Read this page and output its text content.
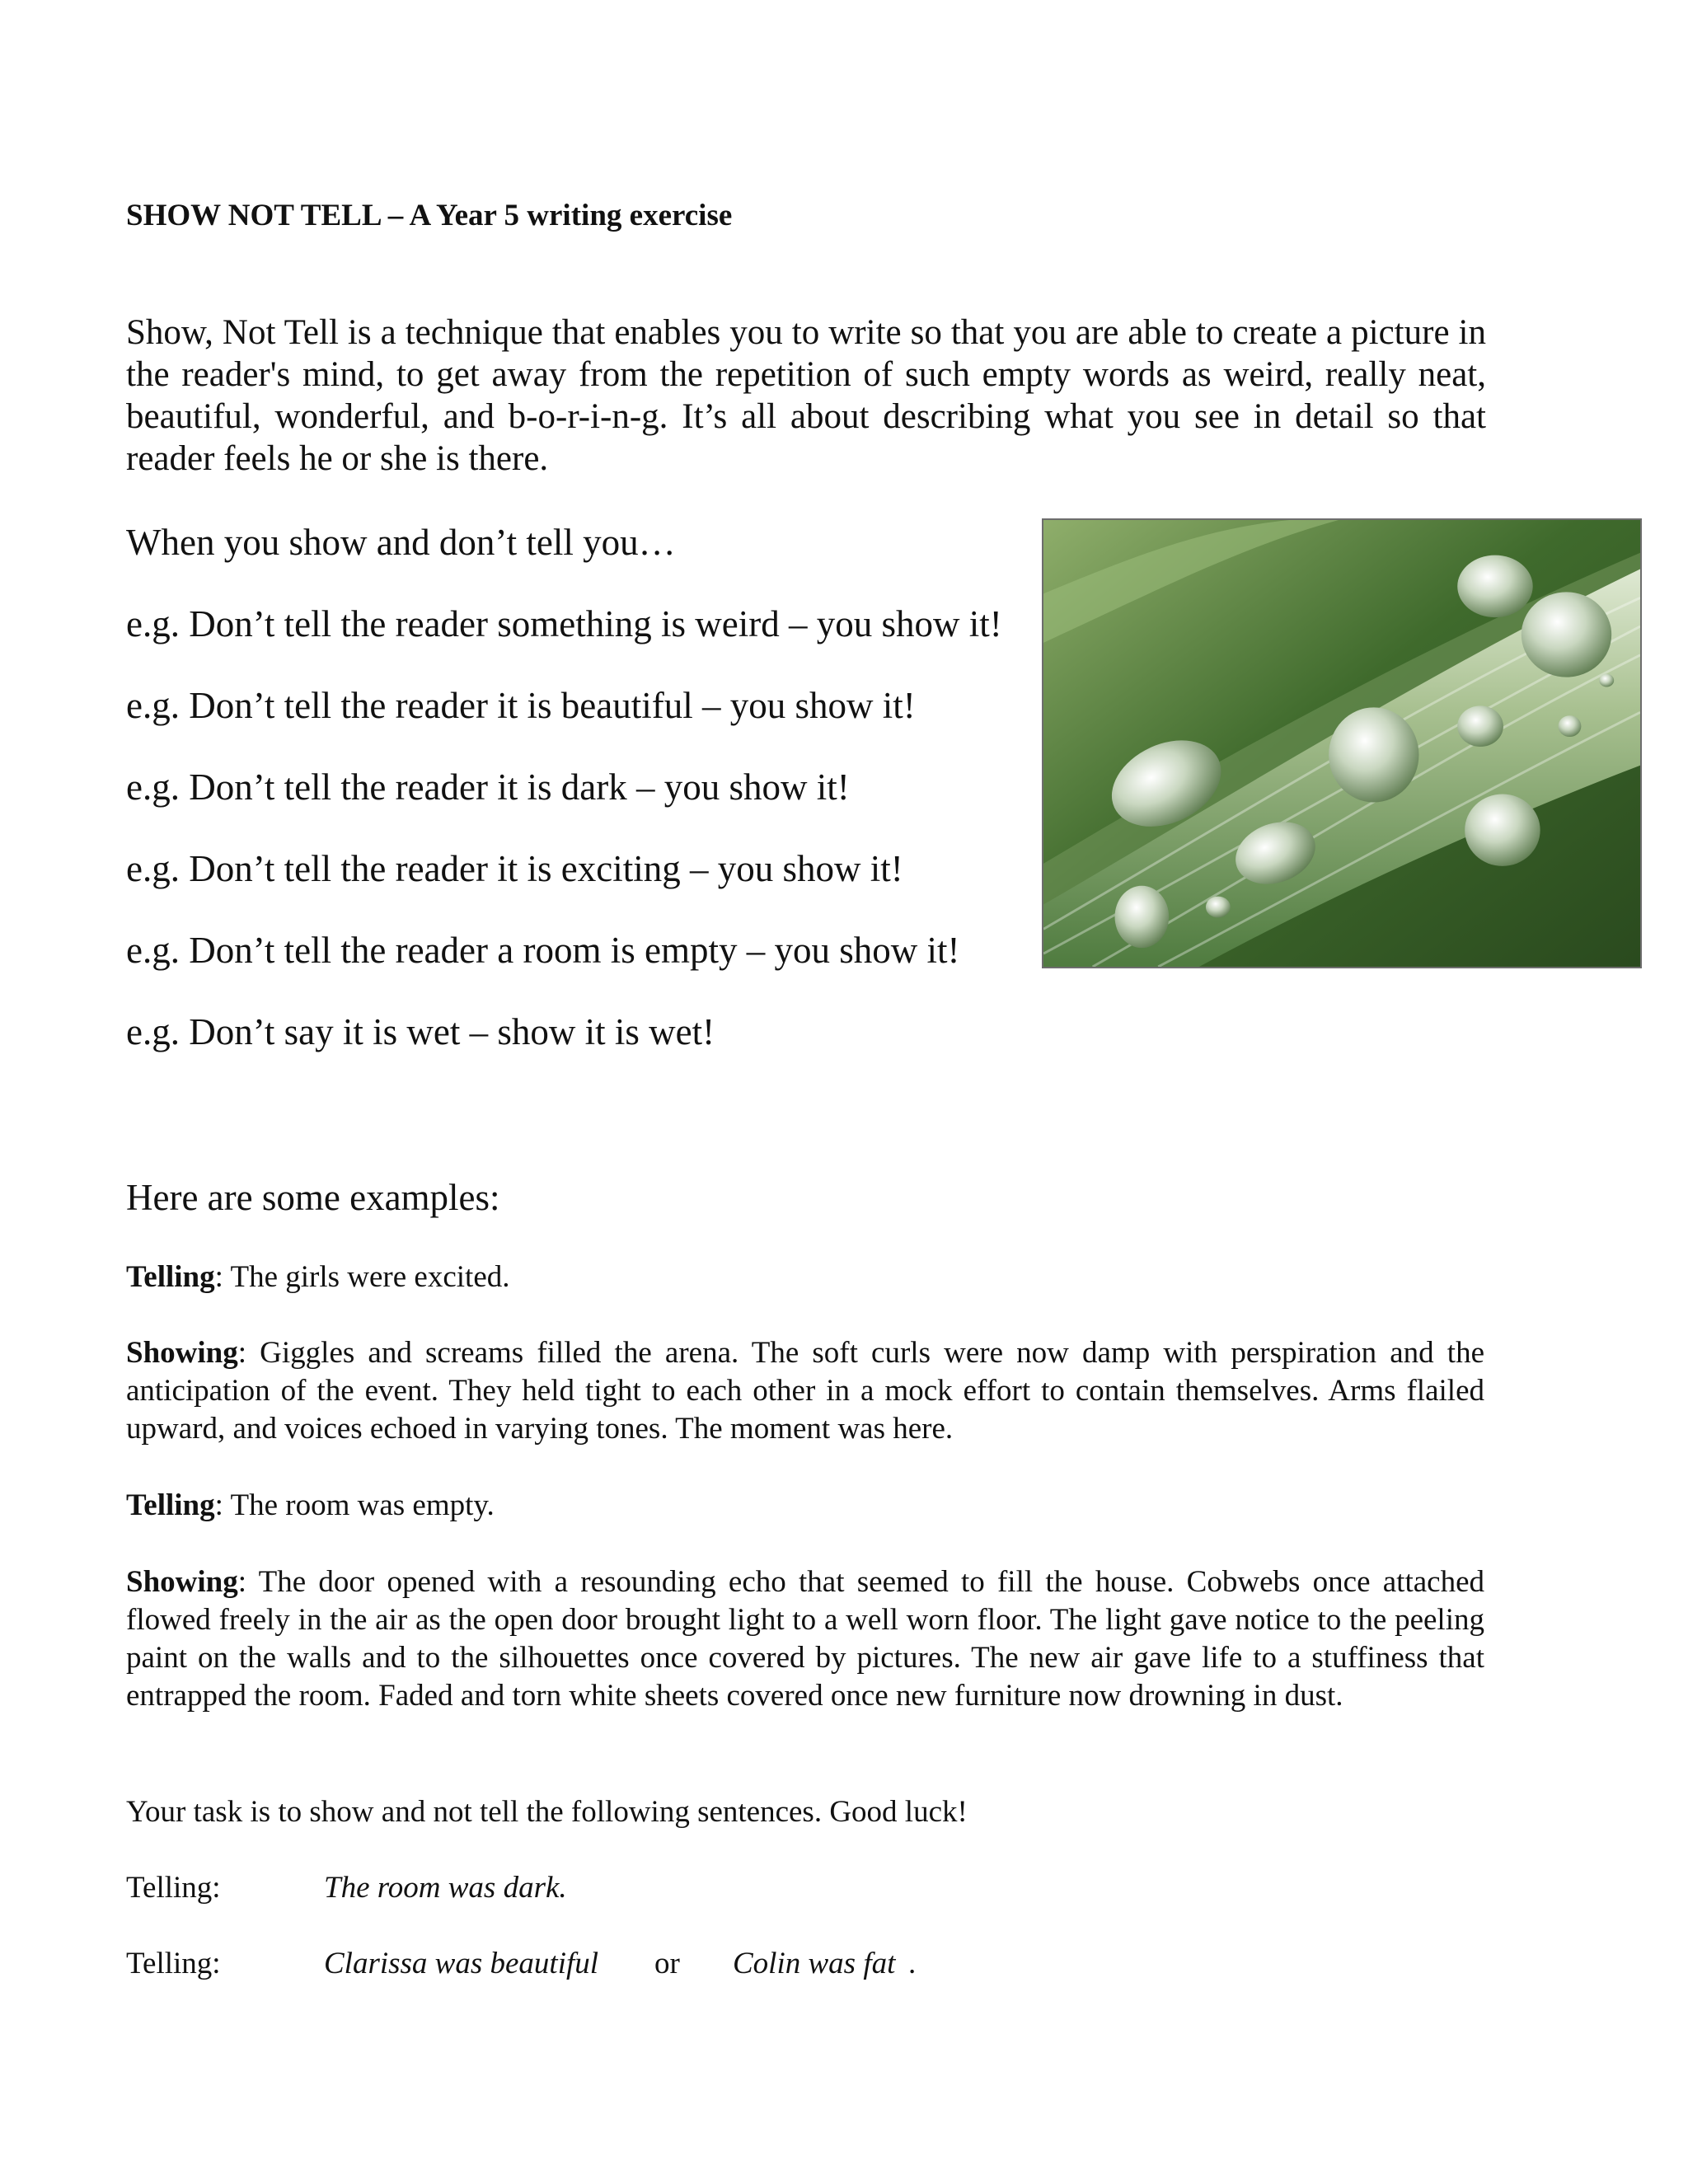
SHOW NOT TELL – A Year 5 writing exercise
Show, Not Tell is a technique that enables you to write so that you are able to create a picture in the reader's mind, to get away from the repetition of such empty words as weird, really neat, beautiful, wonderful, and b-o-r-i-n-g. It’s all about describing what you see in detail so that reader feels he or she is there.
When you show and don’t tell you…
e.g. Don’t tell the reader something is weird – you show it!
e.g. Don’t tell the reader it is beautiful – you show it!
e.g. Don’t tell the reader it is dark – you show it!
e.g. Don’t tell the reader it is exciting – you show it!
e.g. Don’t tell the reader a room is empty – you show it!
e.g. Don’t say it is wet – show it is wet!
Here are some examples:
Telling: The girls were excited.
Showing: Giggles and screams filled the arena. The soft curls were now damp with perspiration and the anticipation of the event. They held tight to each other in a mock effort to contain themselves. Arms flailed upward, and voices echoed in varying tones. The moment was here.
Telling: The room was empty.
Showing: The door opened with a resounding echo that seemed to fill the house. Cobwebs once attached flowed freely in the air as the open door brought light to a well worn floor. The light gave notice to the peeling paint on the walls and to the silhouettes once covered by pictures. The new air gave life to a stuffiness that entrapped the room. Faded and torn white sheets covered once new furniture now drowning in dust.
Your task is to show and not tell the following sentences. Good luck!
Telling:	The room was dark.
Telling:	Clarissa was beautiful or Colin was fat .
